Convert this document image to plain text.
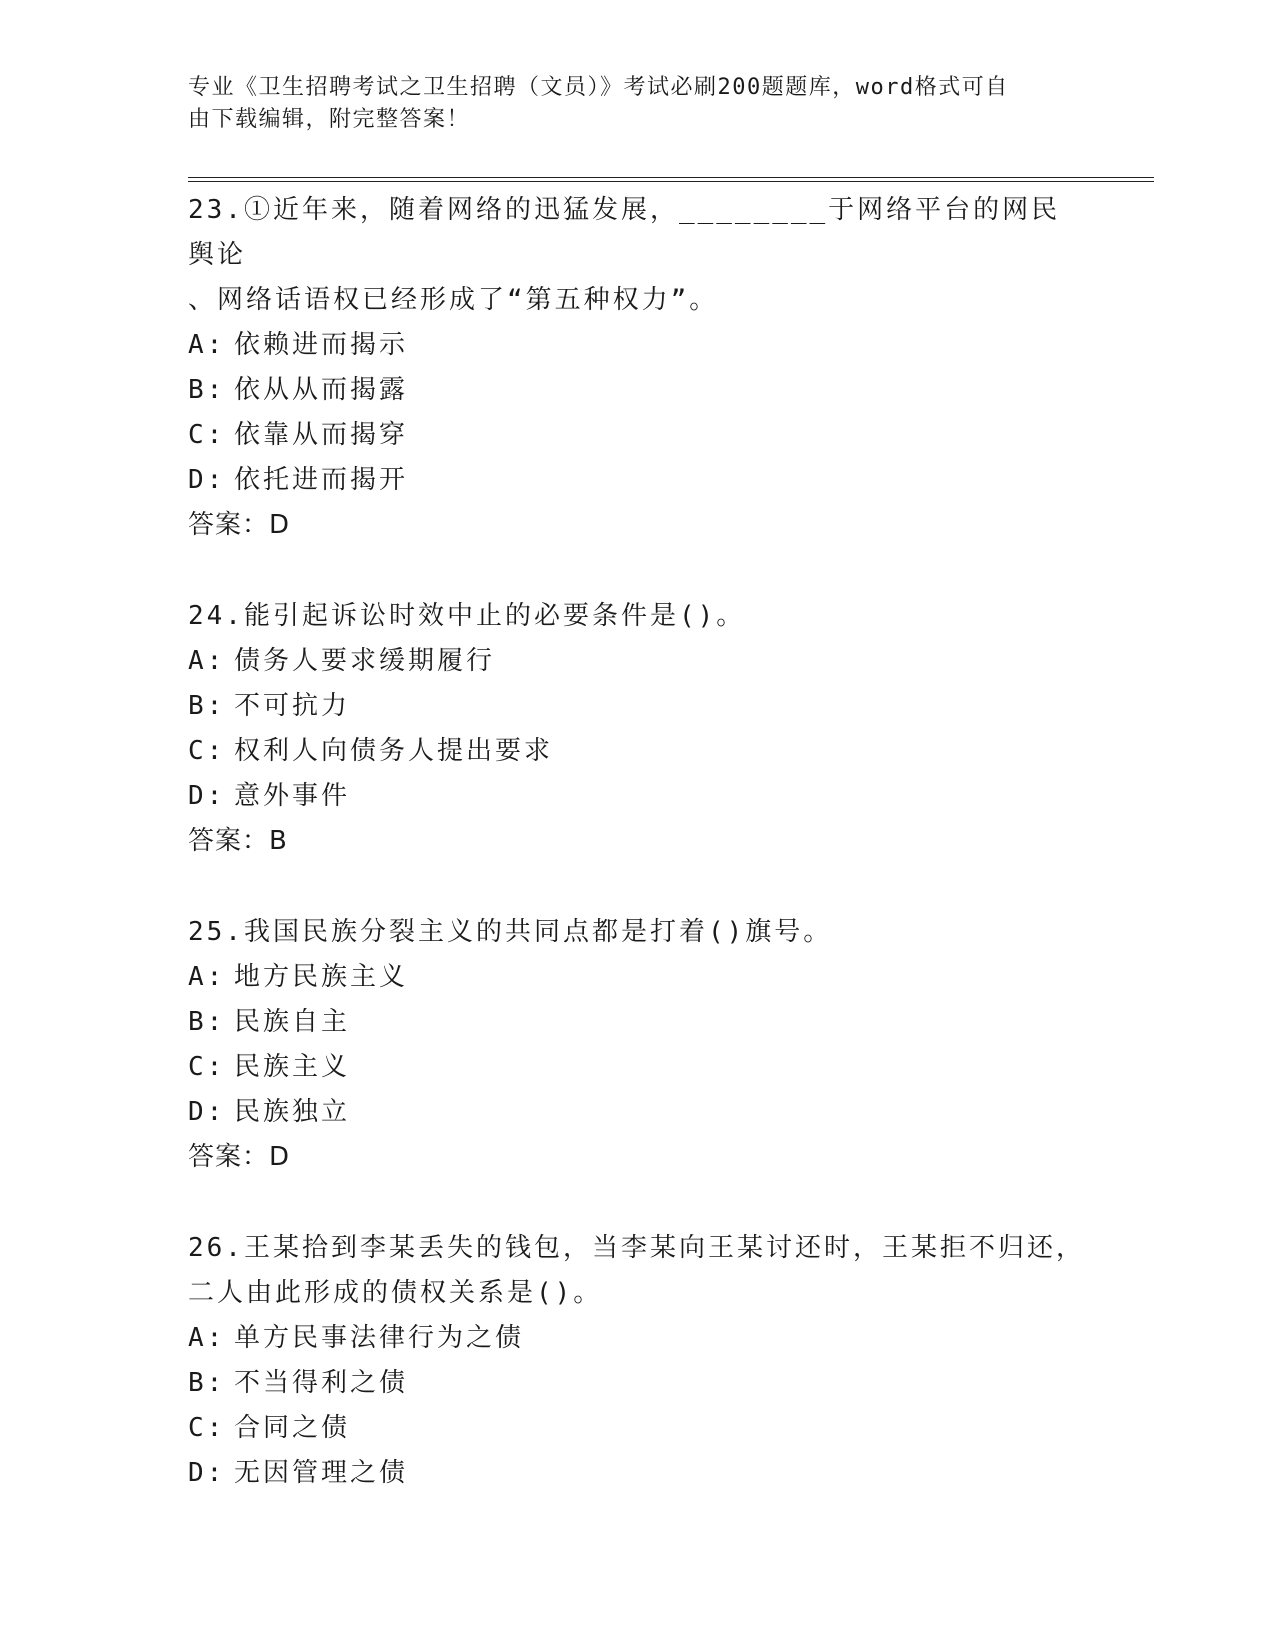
专业《卫生招聘考试之卫生招聘（文员）》考试必刷200题题库，word格式可自
由下载编辑，附完整答案！
23.①近年来，随着网络的迅猛发展，________于网络平台的网民舆论
、网络话语权已经形成了“第五种权力”。
A: 依赖进而揭示
B: 依从从而揭露
C: 依靠从而揭穿
D: 依托进而揭开
答案：D
24.能引起诉讼时效中止的必要条件是()。
A: 债务人要求缓期履行
B: 不可抗力
C: 权利人向债务人提出要求
D: 意外事件
答案：B
25.我国民族分裂主义的共同点都是打着()旗号。
A: 地方民族主义
B: 民族自主
C: 民族主义
D: 民族独立
答案：D
26.王某拾到李某丢失的钱包，当李某向王某讨还时，王某拒不归还，
二人由此形成的债权关系是()。
A: 单方民事法律行为之债
B: 不当得利之债
C: 合同之债
D: 无因管理之债
